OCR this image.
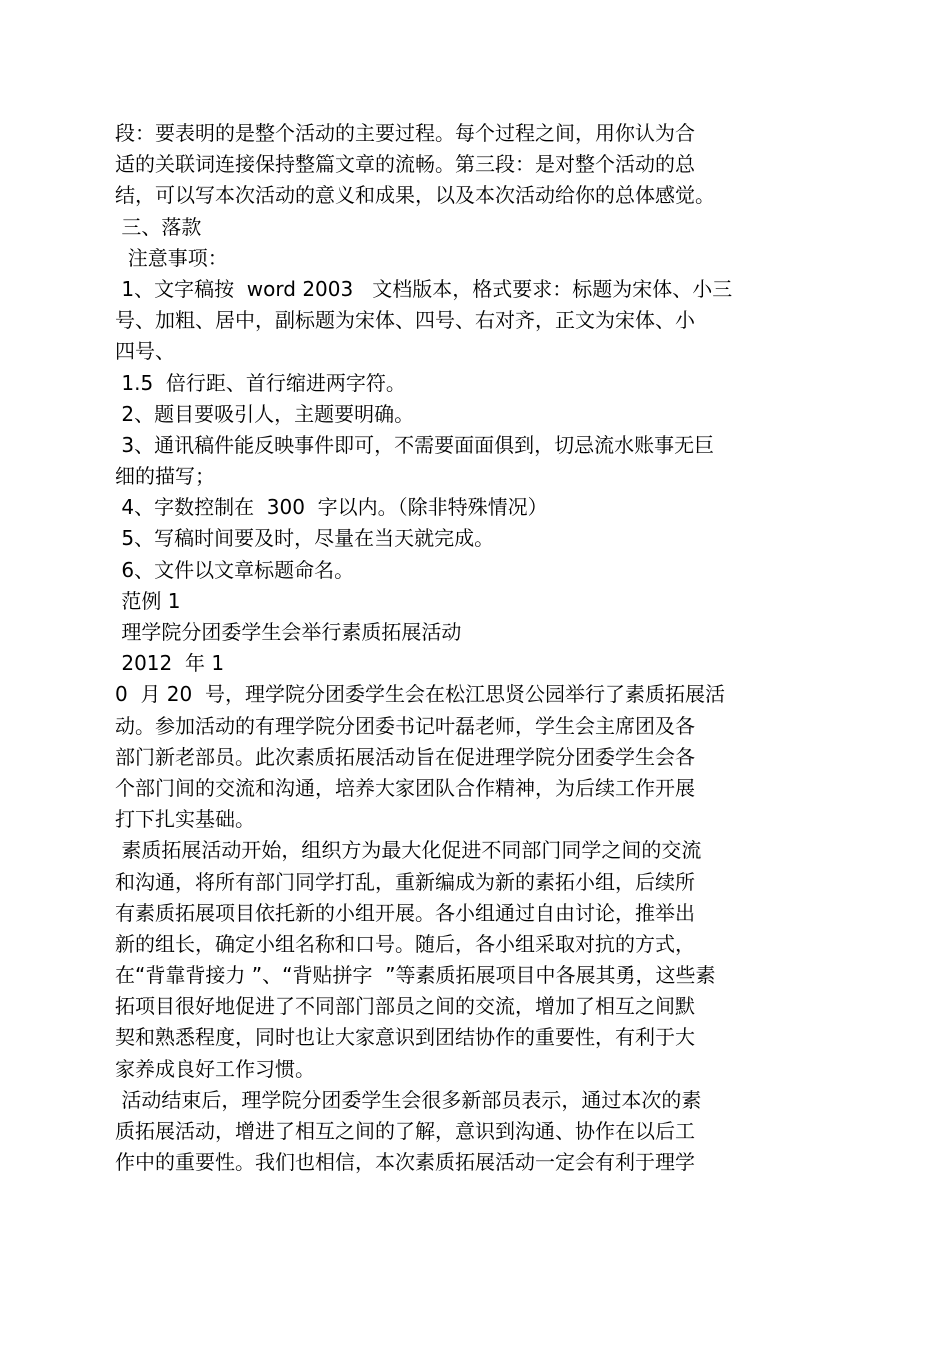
段：要表明的是整个活动的主要过程。每个过程之间，用你认为合
适的关联词连接保持整篇文章的流畅。第三段：是对整个活动的总
结，可以写本次活动的意义和成果，以及本次活动给你的总体感觉。
三、落款
注意事项：
1、文字稿按  word 2003   文档版本，格式要求：标题为宋体、小三
号、加粗、居中，副标题为宋体、四号、右对齐，正文为宋体、小
四号、
1.5  倍行距、首行缩进两字符。
2、题目要吸引人，主题要明确。
3、通讯稿件能反映事件即可，不需要面面俱到，切忌流水账事无巨
细的描写；
4、字数控制在  300  字以内。（除非特殊情况）
5、写稿时间要及时，尽量在当天就完成。
6、文件以文章标题命名。
范例 1
理学院分团委学生会举行素质拓展活动
2012  年 1
0  月 20  号，理学院分团委学生会在松江思贤公园举行了素质拓展活
动。参加活动的有理学院分团委书记叶磊老师，学生会主席团及各
部门新老部员。此次素质拓展活动旨在促进理学院分团委学生会各
个部门间的交流和沟通，培养大家团队合作精神，为后续工作开展
打下扎实基础。
素质拓展活动开始，组织方为最大化促进不同部门同学之间的交流
和沟通，将所有部门同学打乱，重新编成为新的素拓小组，后续所
有素质拓展项目依托新的小组开展。各小组通过自由讨论，推举出
新的组长，确定小组名称和口号。随后，各小组采取对抗的方式，
在“背靠背接力 ”、“背贴拼字  ”等素质拓展项目中各展其勇，这些素
拓项目很好地促进了不同部门部员之间的交流，增加了相互之间默
契和熟悉程度，同时也让大家意识到团结协作的重要性，有利于大
家养成良好工作习惯。
活动结束后，理学院分团委学生会很多新部员表示，通过本次的素
质拓展活动，增进了相互之间的了解，意识到沟通、协作在以后工
作中的重要性。我们也相信，本次素质拓展活动一定会有利于理学
